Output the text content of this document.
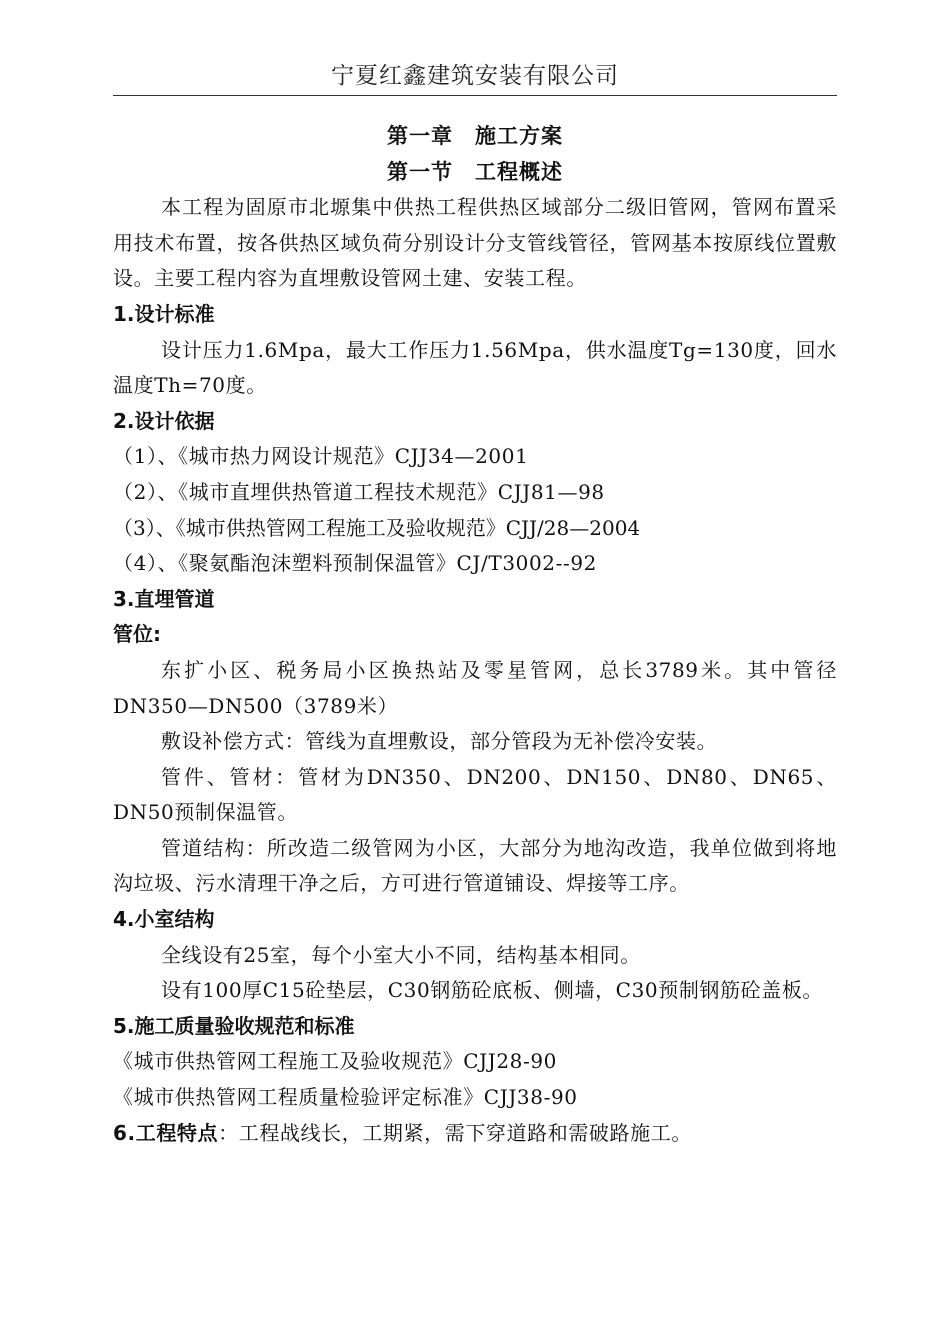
宁夏红鑫建筑安装有限公司

第一章　施工方案

第一节　工程概述

本工程为固原市北塬集中供热工程供热区域部分二级旧管网，管网布置采用技术布置，按各供热区域负荷分别设计分支管线管径，管网基本按原线位置敷设。主要工程内容为直埋敷设管网土建、安装工程。

1.设计标准

设计压力1.6Mpa，最大工作压力1.56Mpa，供水温度Tg=130度，回水温度Th=70度。

2.设计依据

（1）、《城市热力网设计规范》CJJ34—2001

（2）、《城市直埋供热管道工程技术规范》CJJ81—98

（3）、《城市供热管网工程施工及验收规范》CJJ/28—2004

（4）、《聚氨酯泡沫塑料预制保温管》CJ/T3002--92

3.直埋管道

管位:

东扩小区、税务局小区换热站及零星管网，总长3789米。其中管径DN350—DN500（3789米）

敷设补偿方式：管线为直埋敷设，部分管段为无补偿冷安装。

管件、管材：管材为DN350、DN200、DN150、DN80、DN65、DN50预制保温管。

管道结构：所改造二级管网为小区，大部分为地沟改造，我单位做到将地沟垃圾、污水清理干净之后，方可进行管道铺设、焊接等工序。

4.小室结构

全线设有25室，每个小室大小不同，结构基本相同。

设有100厚C15砼垫层，C30钢筋砼底板、侧墙，C30预制钢筋砼盖板。

5.施工质量验收规范和标准

《城市供热管网工程施工及验收规范》CJJ28-90

《城市供热管网工程质量检验评定标准》CJJ38-90

6.工程特点：工程战线长，工期紧，需下穿道路和需破路施工。
